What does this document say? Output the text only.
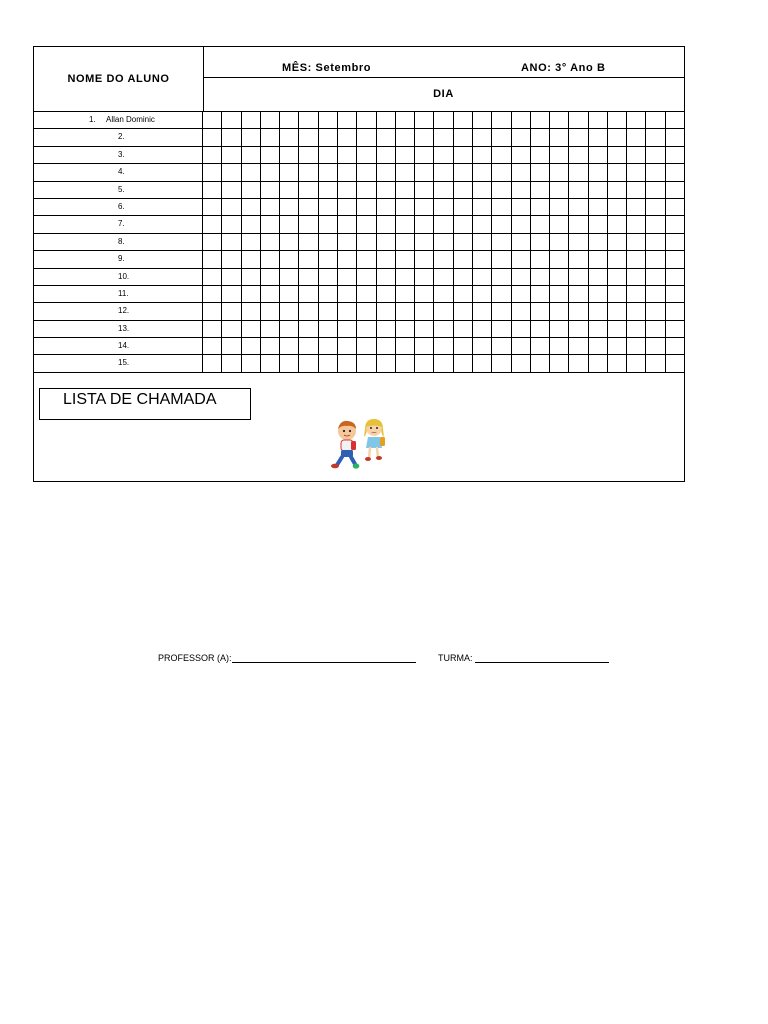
NOME DO ALUNO
MÊS: Setembro	ANO: 3° Ano B
DIA
1. Allan Dominic
2.
3.
4.
5.
6.
7.
8.
9.
10.
11.
12.
13.
14.
15.
LISTA DE CHAMADA
PROFESSOR (A):	TURMA:
